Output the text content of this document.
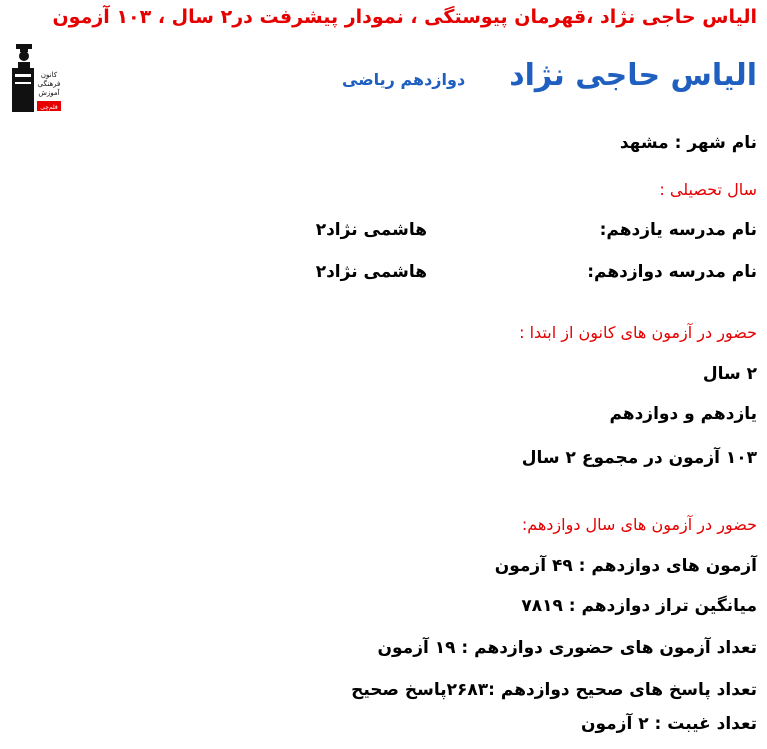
الیاس حاجی نژاد ،قهرمان پیوستگی ، نمودار پیشرفت در۲ سال ، ۱۰۳ آزمون
کانون
فرهنگی
آموزش
قلم‌چی
الیاس حاجی نژاد
دوازدهم ریاضی
نام شهر : مشهد
سال تحصیلی :
نام مدرسه یازدهم:
هاشمی نژاد۲
نام مدرسه دوازدهم:
هاشمی نژاد۲
حضور در آزمون های کانون از ابتدا :
۲ سال
یازدهم و دوازدهم
۱۰۳ آزمون در مجموع ۲ سال
حضور در آزمون های سال دوازدهم:
آزمون های دوازدهم : ۴۹ آزمون
میانگین تراز دوازدهم : ۷۸۱۹
تعداد آزمون های حضوری دوازدهم : ۱۹ آزمون
تعداد پاسخ های صحیح دوازدهم :۲۶۸۳پاسخ صحیح
تعداد غیبت : ۲ آزمون
